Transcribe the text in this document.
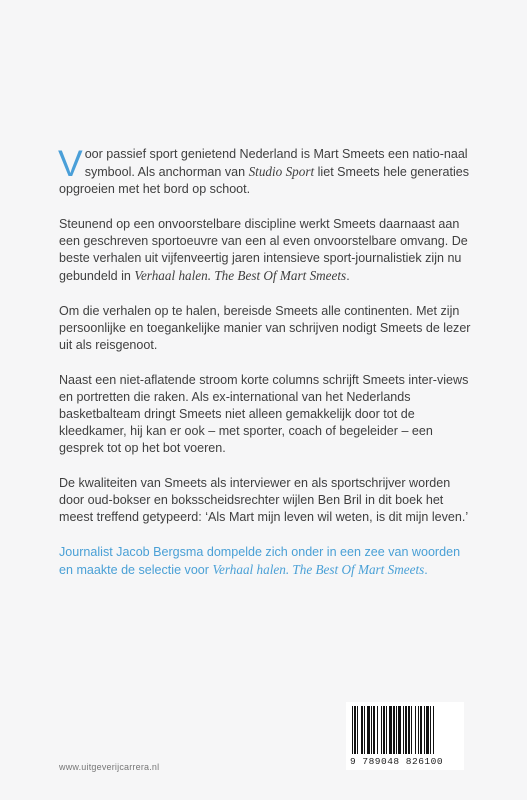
Voor passief sport genietend Nederland is Mart Smeets een natio-naal symbool. Als anchorman van Studio Sport liet Smeets hele generaties opgroeien met het bord op schoot.

Steunend op een onvoorstelbare discipline werkt Smeets daarnaast aan een geschreven sportoeuvre van een al even onvoorstelbare omvang. De beste verhalen uit vijfenveertig jaren intensieve sport-journalistiek zijn nu gebundeld in Verhaal halen. The Best Of Mart Smeets.

Om die verhalen op te halen, bereisde Smeets alle continenten. Met zijn persoonlijke en toegankelijke manier van schrijven nodigt Smeets de lezer uit als reisgenoot.

Naast een niet-aflatende stroom korte columns schrijft Smeets inter-views en portretten die raken. Als ex-international van het Nederlands basketbalteam dringt Smeets niet alleen gemakkelijk door tot de kleedkamer, hij kan er ook – met sporter, coach of begeleider – een gesprek tot op het bot voeren.

De kwaliteiten van Smeets als interviewer en als sportschrijver worden door oud-bokser en boksscheidsrechter wijlen Ben Bril in dit boek het meest treffend getypeerd: ‘Als Mart mijn leven wil weten, is dit mijn leven.’

Journalist Jacob Bergsma dompelde zich onder in een zee van woorden en maakte de selectie voor Verhaal halen. The Best Of Mart Smeets.

www.uitgeverijcarrera.nl	9 789048 826100
